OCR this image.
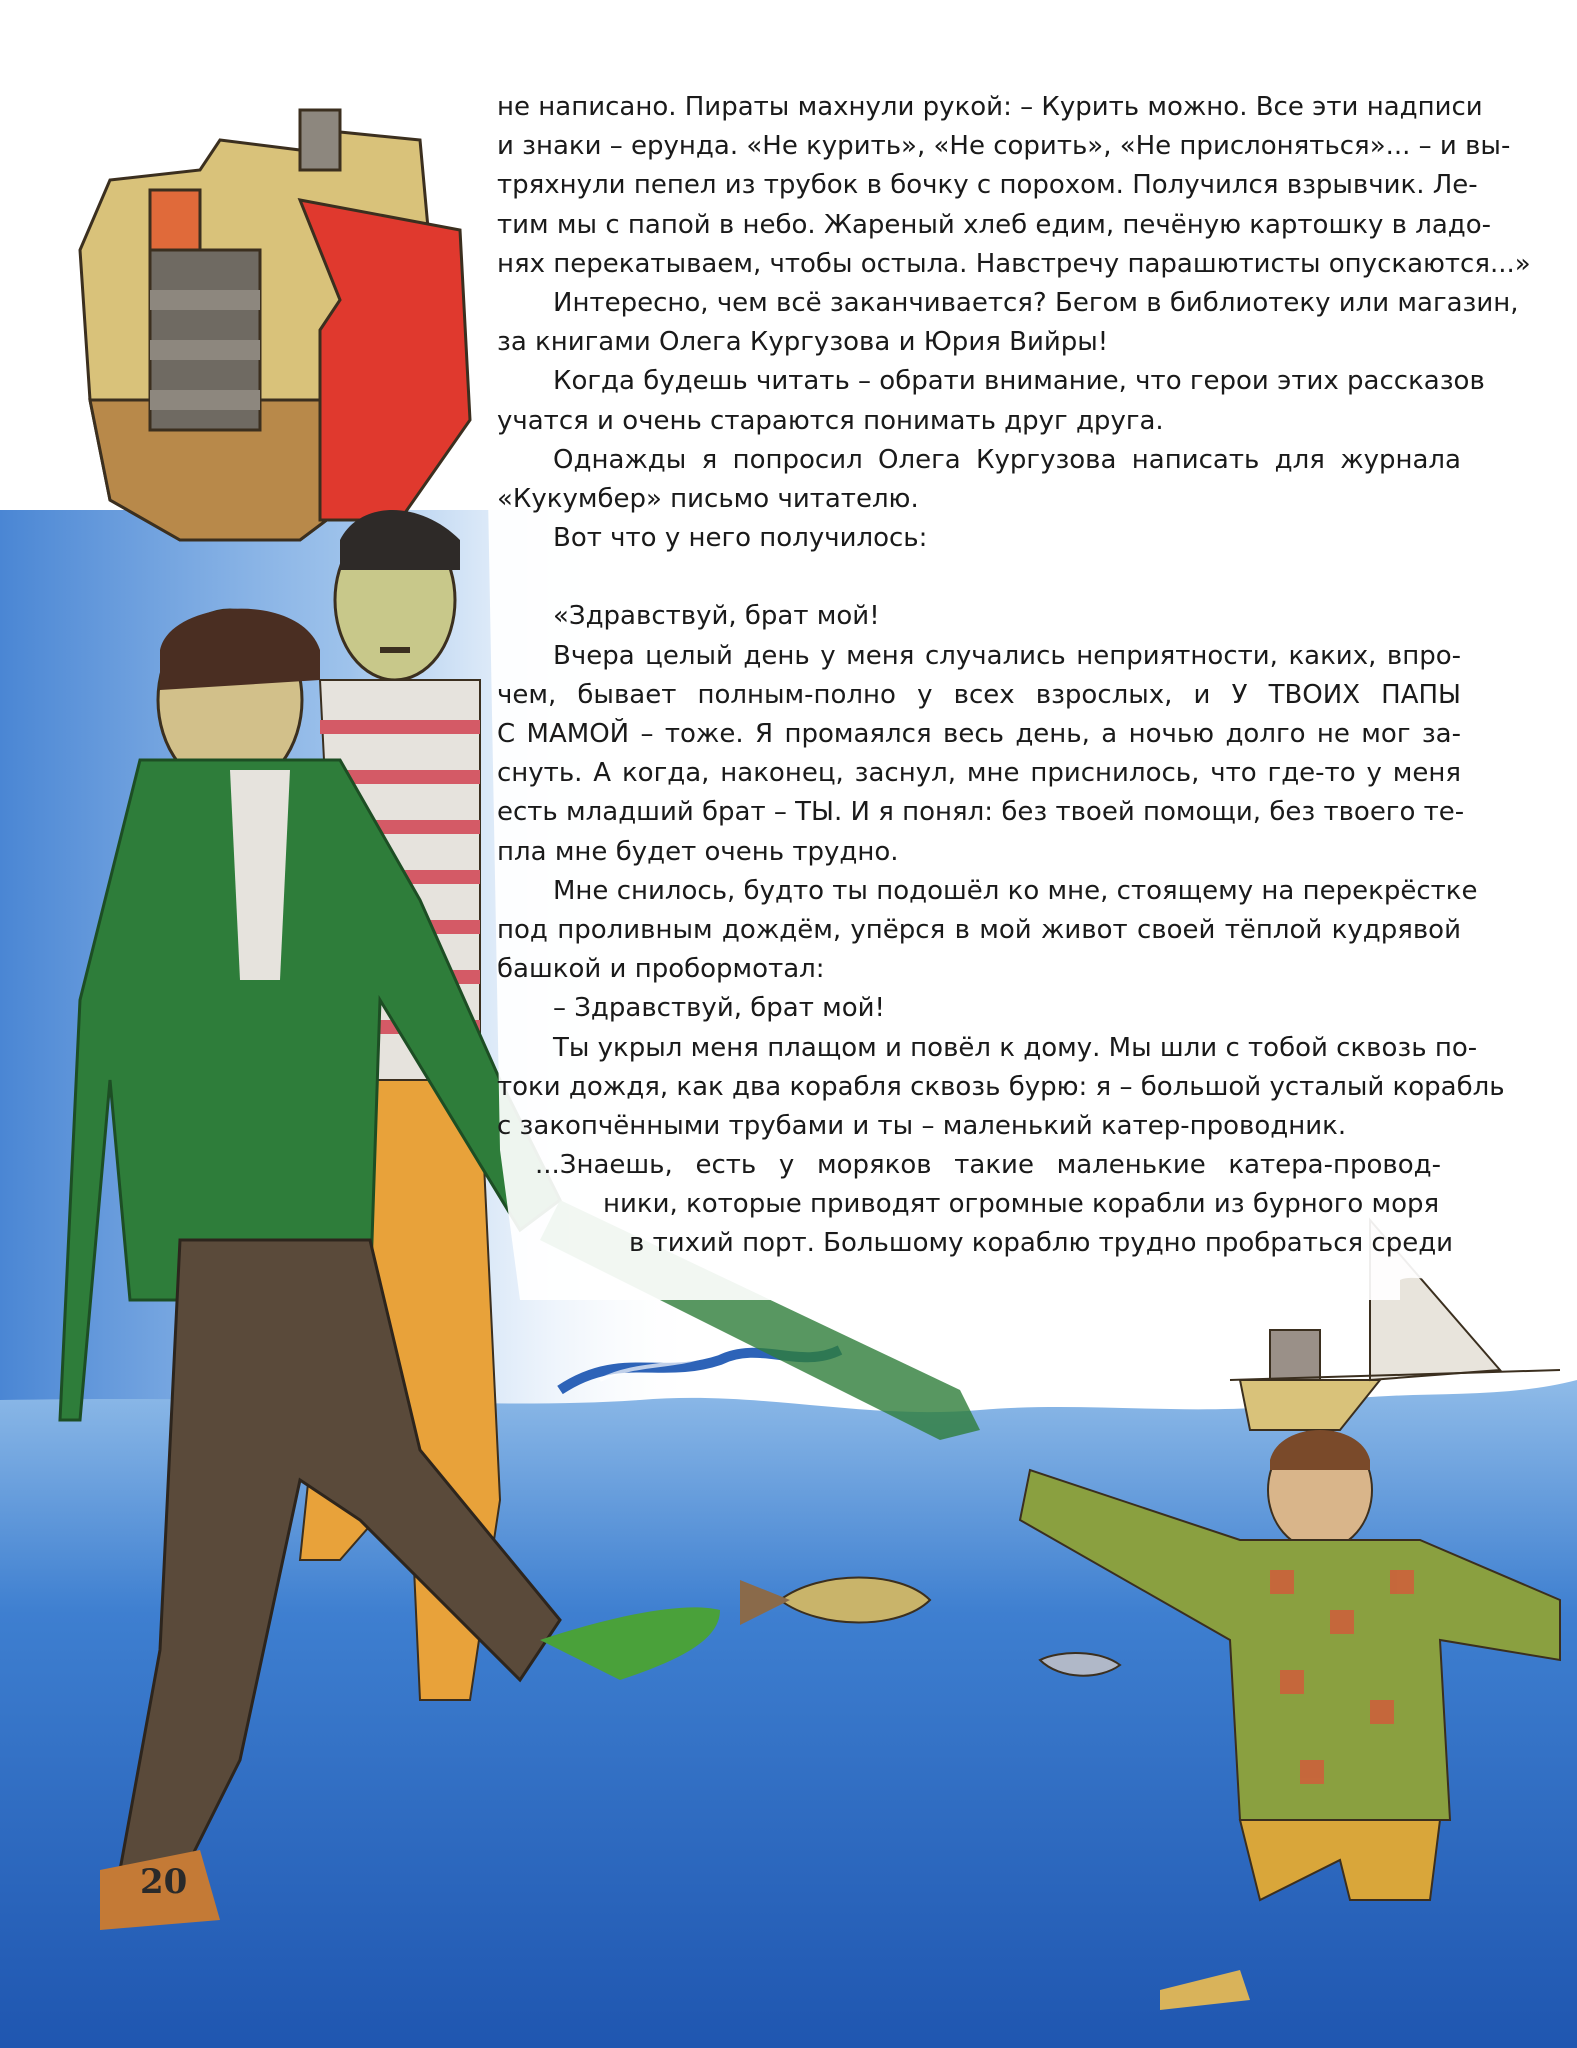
не написано. Пираты махнули рукой: – Курить можно. Все эти надписи
и знаки – ерунда. «Не курить», «Не сорить», «Не прислоняться»... – и вы-
тряхнули пепел из трубок в бочку с порохом. Получился взрывчик. Ле-
тим мы с папой в небо. Жареный хлеб едим, печёную картошку в ладо-
нях перекатываем, чтобы остыла. Навстречу парашютисты опускаются...»
Интересно, чем всё заканчивается? Бегом в библиотеку или магазин,
за книгами Олега Кургузова и Юрия Вийры!
Когда будешь читать – обрати внимание, что герои этих рассказов
учатся и очень стараются понимать друг друга.
Однажды я попросил Олега Кургузова написать для журнала
«Кукумбер» письмо читателю.
Вот что у него получилось:
«Здравствуй, брат мой!
Вчера целый день у меня случались неприятности, каких, впро-
чем, бывает полным-полно у всех взрослых, и У ТВОИХ ПАПЫ
С МАМОЙ – тоже. Я промаялся весь день, а ночью долго не мог за-
снуть. А когда, наконец, заснул, мне приснилось, что где-то у меня
есть младший брат – ТЫ. И я понял: без твоей помощи, без твоего те-
пла мне будет очень трудно.
Мне снилось, будто ты подошёл ко мне, стоящему на перекрёстке
под проливным дождём, упёрся в мой живот своей тёплой кудрявой
башкой и пробормотал:
– Здравствуй, брат мой!
Ты укрыл меня плащом и повёл к дому. Мы шли с тобой сквозь по-
токи дождя, как два корабля сквозь бурю: я – большой усталый корабль
с закопчёнными трубами и ты – маленький катер-проводник.
...Знаешь, есть у моряков такие маленькие катера-провод-
ники, которые приводят огромные корабли из бурного моря
в тихий порт. Большому кораблю трудно пробраться среди
20
